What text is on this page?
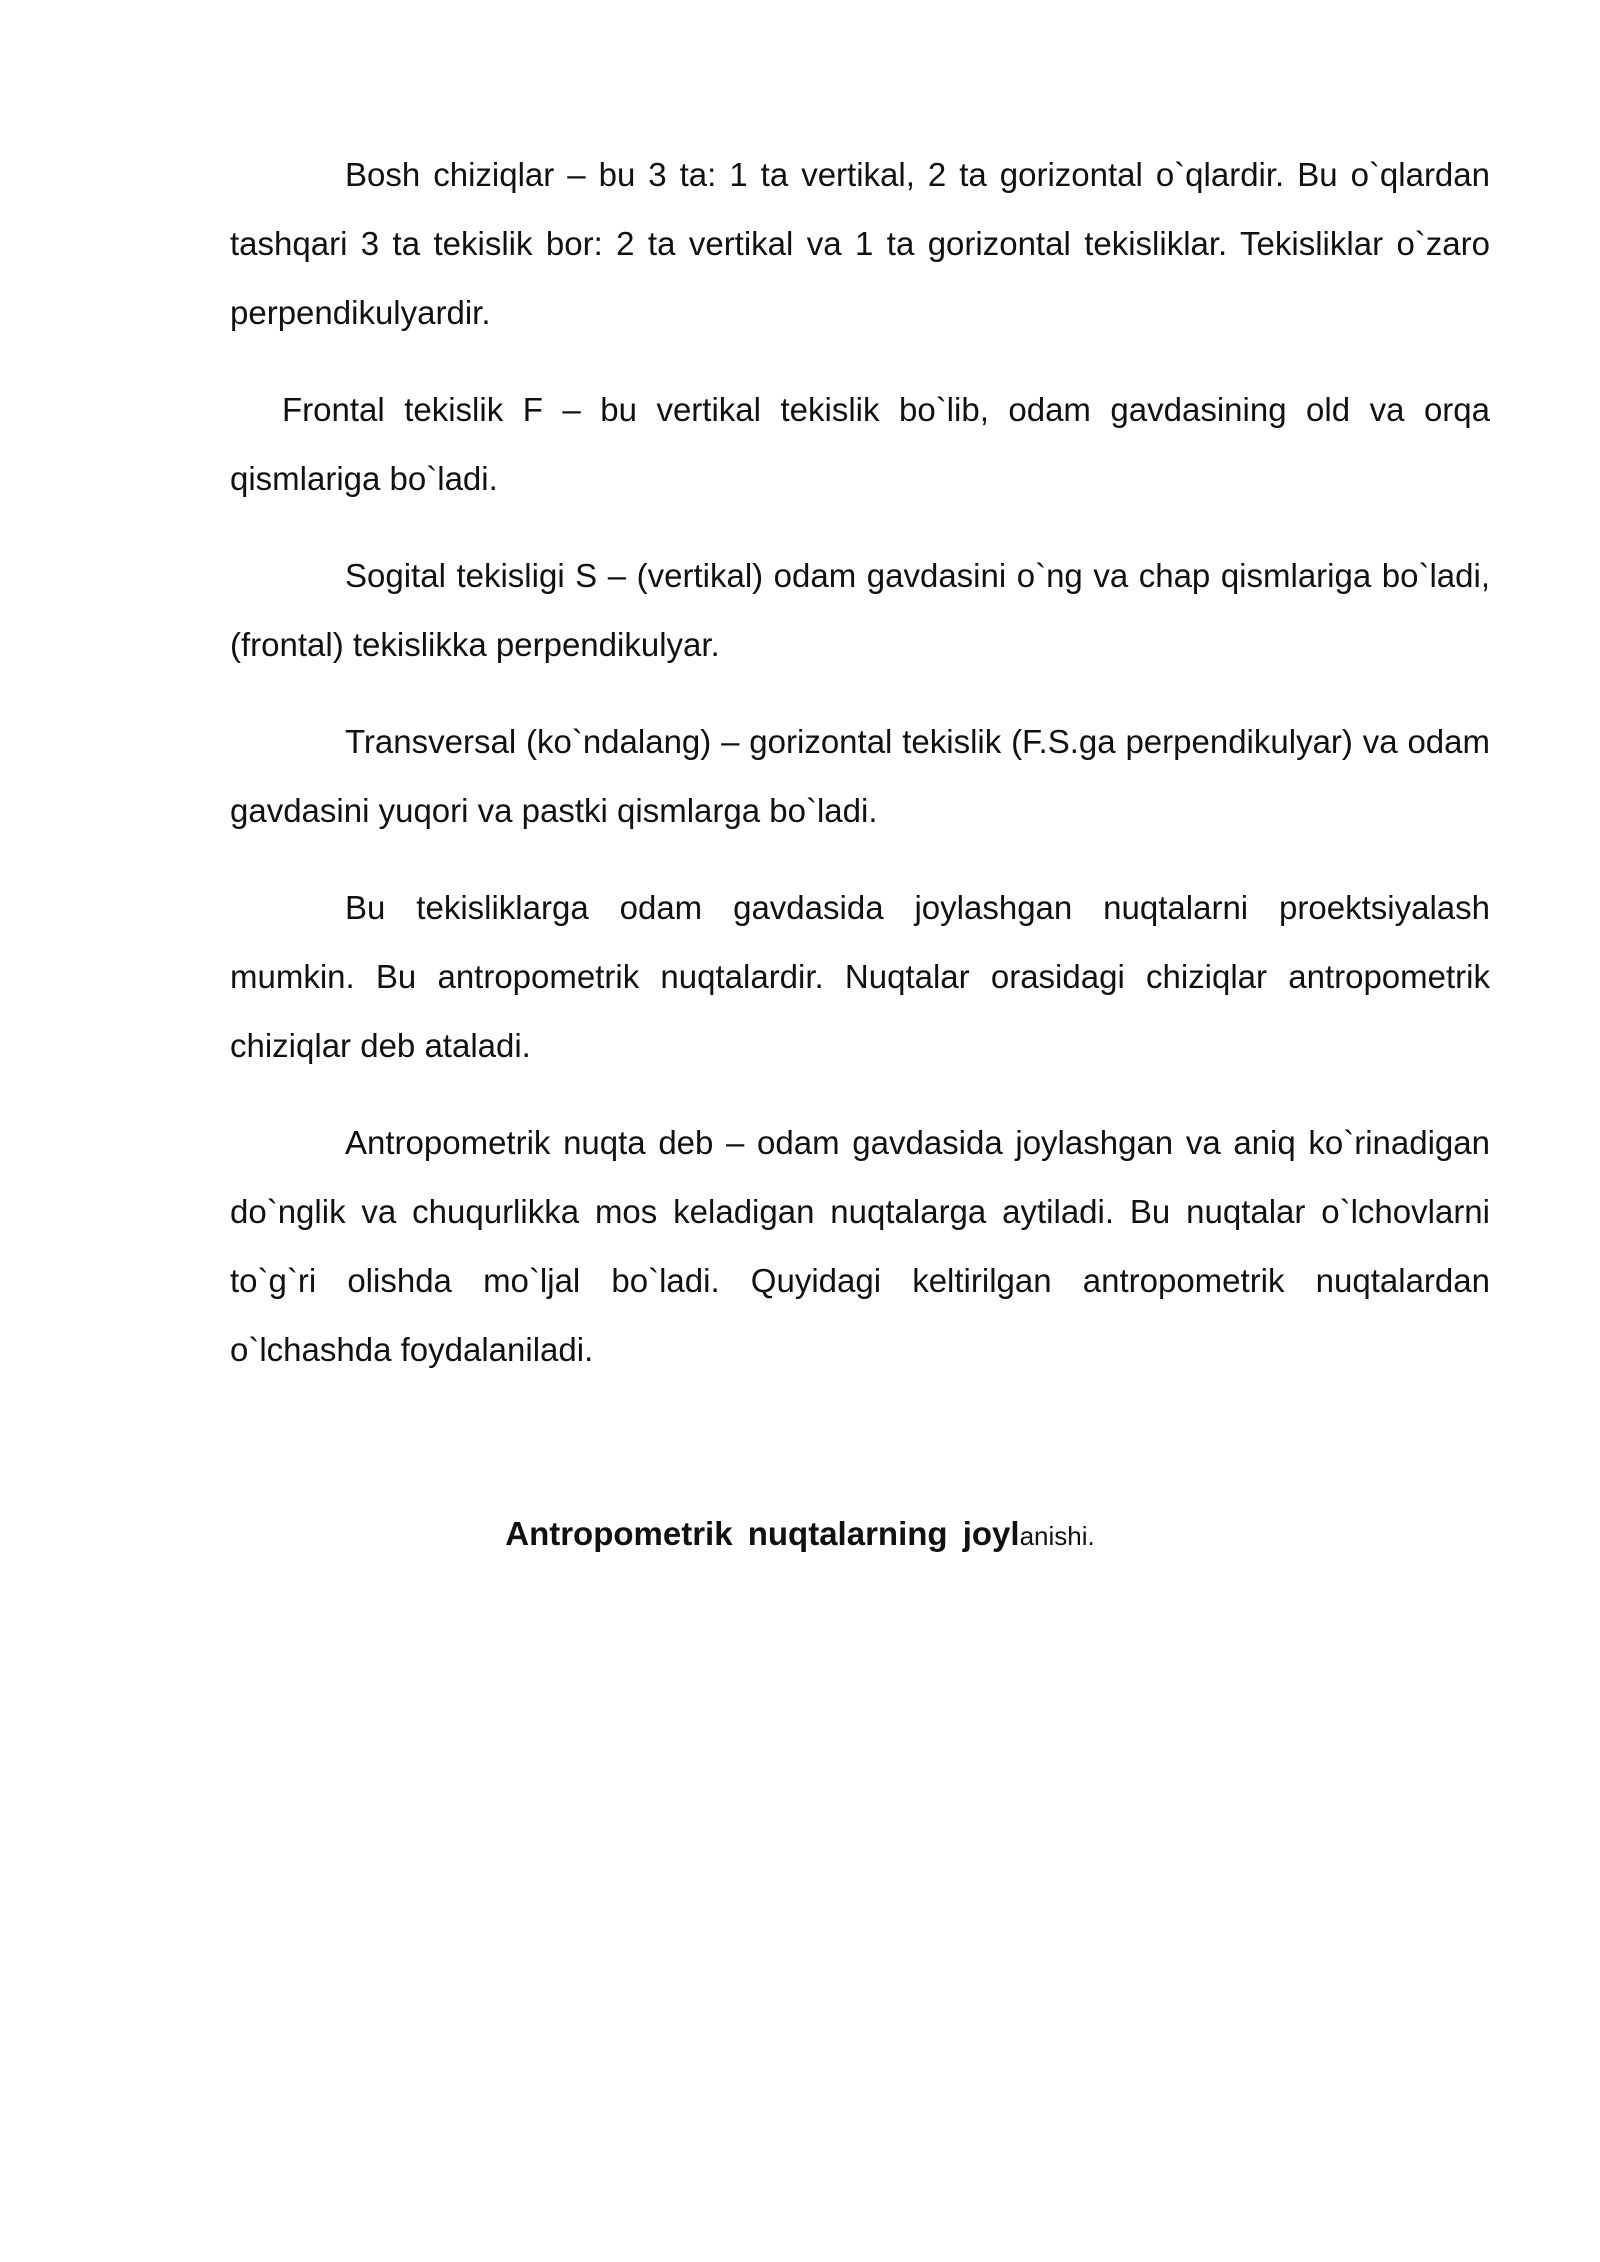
Bosh chiziqlar – bu 3 ta: 1 ta vertikal, 2 ta gorizontal o`qlardir. Bu o`qlardan tashqari 3 ta tekislik bor: 2 ta vertikal va 1 ta gorizontal tekisliklar. Tekisliklar o`zaro perpendikulyardir.

Frontal tekislik F – bu vertikal tekislik bo`lib, odam gavdasining old va orqa qismlariga bo`ladi.

Sogital tekisligi S – (vertikal) odam gavdasini o`ng va chap qismlariga bo`ladi, (frontal) tekislikka perpendikulyar.

Transversal (ko`ndalang) – gorizontal tekislik (F.S.ga perpendikulyar) va odam gavdasini yuqori va pastki qismlarga bo`ladi.

Bu tekisliklarga odam gavdasida joylashgan nuqtalarni proektsiyalash mumkin. Bu antropometrik nuqtalardir. Nuqtalar orasidagi chiziqlar antropometrik chiziqlar deb ataladi.

Antropometrik nuqta deb – odam gavdasida joylashgan va aniq ko`rinadigan do`nglik va chuqurlikka mos keladigan nuqtalarga aytiladi. Bu nuqtalar o`lchovlarni to`g`ri olishda mo`ljal bo`ladi. Quyidagi keltirilgan antropometrik nuqtalardan o`lchashda foydalaniladi.

Antropometrik nuqtalarning joylanishi.
